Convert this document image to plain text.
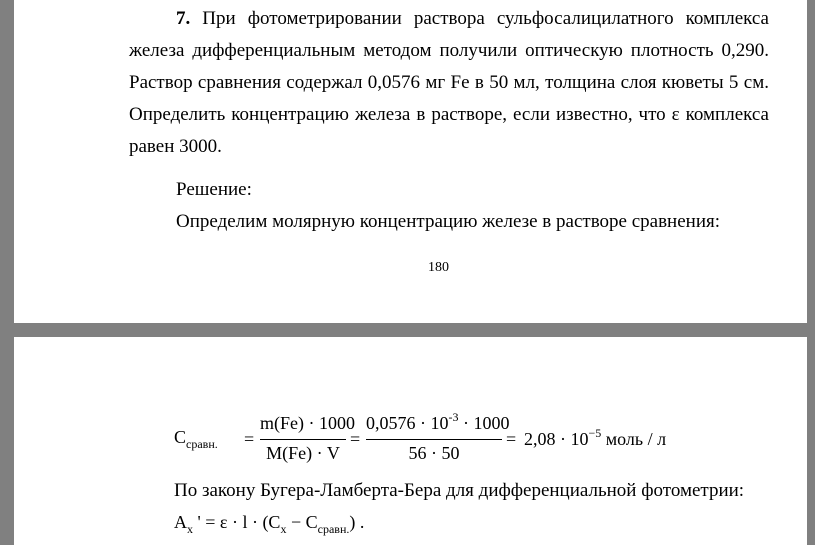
7. При фотометрировании раствора сульфосалицилатного комплекса железа дифференциальным методом получили оптическую плотность 0,290. Раствор сравнения содержал 0,0576 мг Fe в 50 мл, толщина слоя кюветы 5 см. Определить концентрацию железа в растворе, если известно, что ε комплекса равен 3000.
Решение:
Определим молярную концентрацию железе в растворе сравнения:
180
$C_{сравн.}$ =
m(Fe) · 1000
M(Fe) · V
=
$0,0576 \cdot 10^{-3} \cdot 1000$
56 · 50
= $2,08 \cdot 10^{-5}$ моль / л
По закону Бугера-Ламберта-Бера для дифференциальной фотометрии:
$A_x$ ' = $\varepsilon \cdot l \cdot (C_x - C_{сравн.})$ .
